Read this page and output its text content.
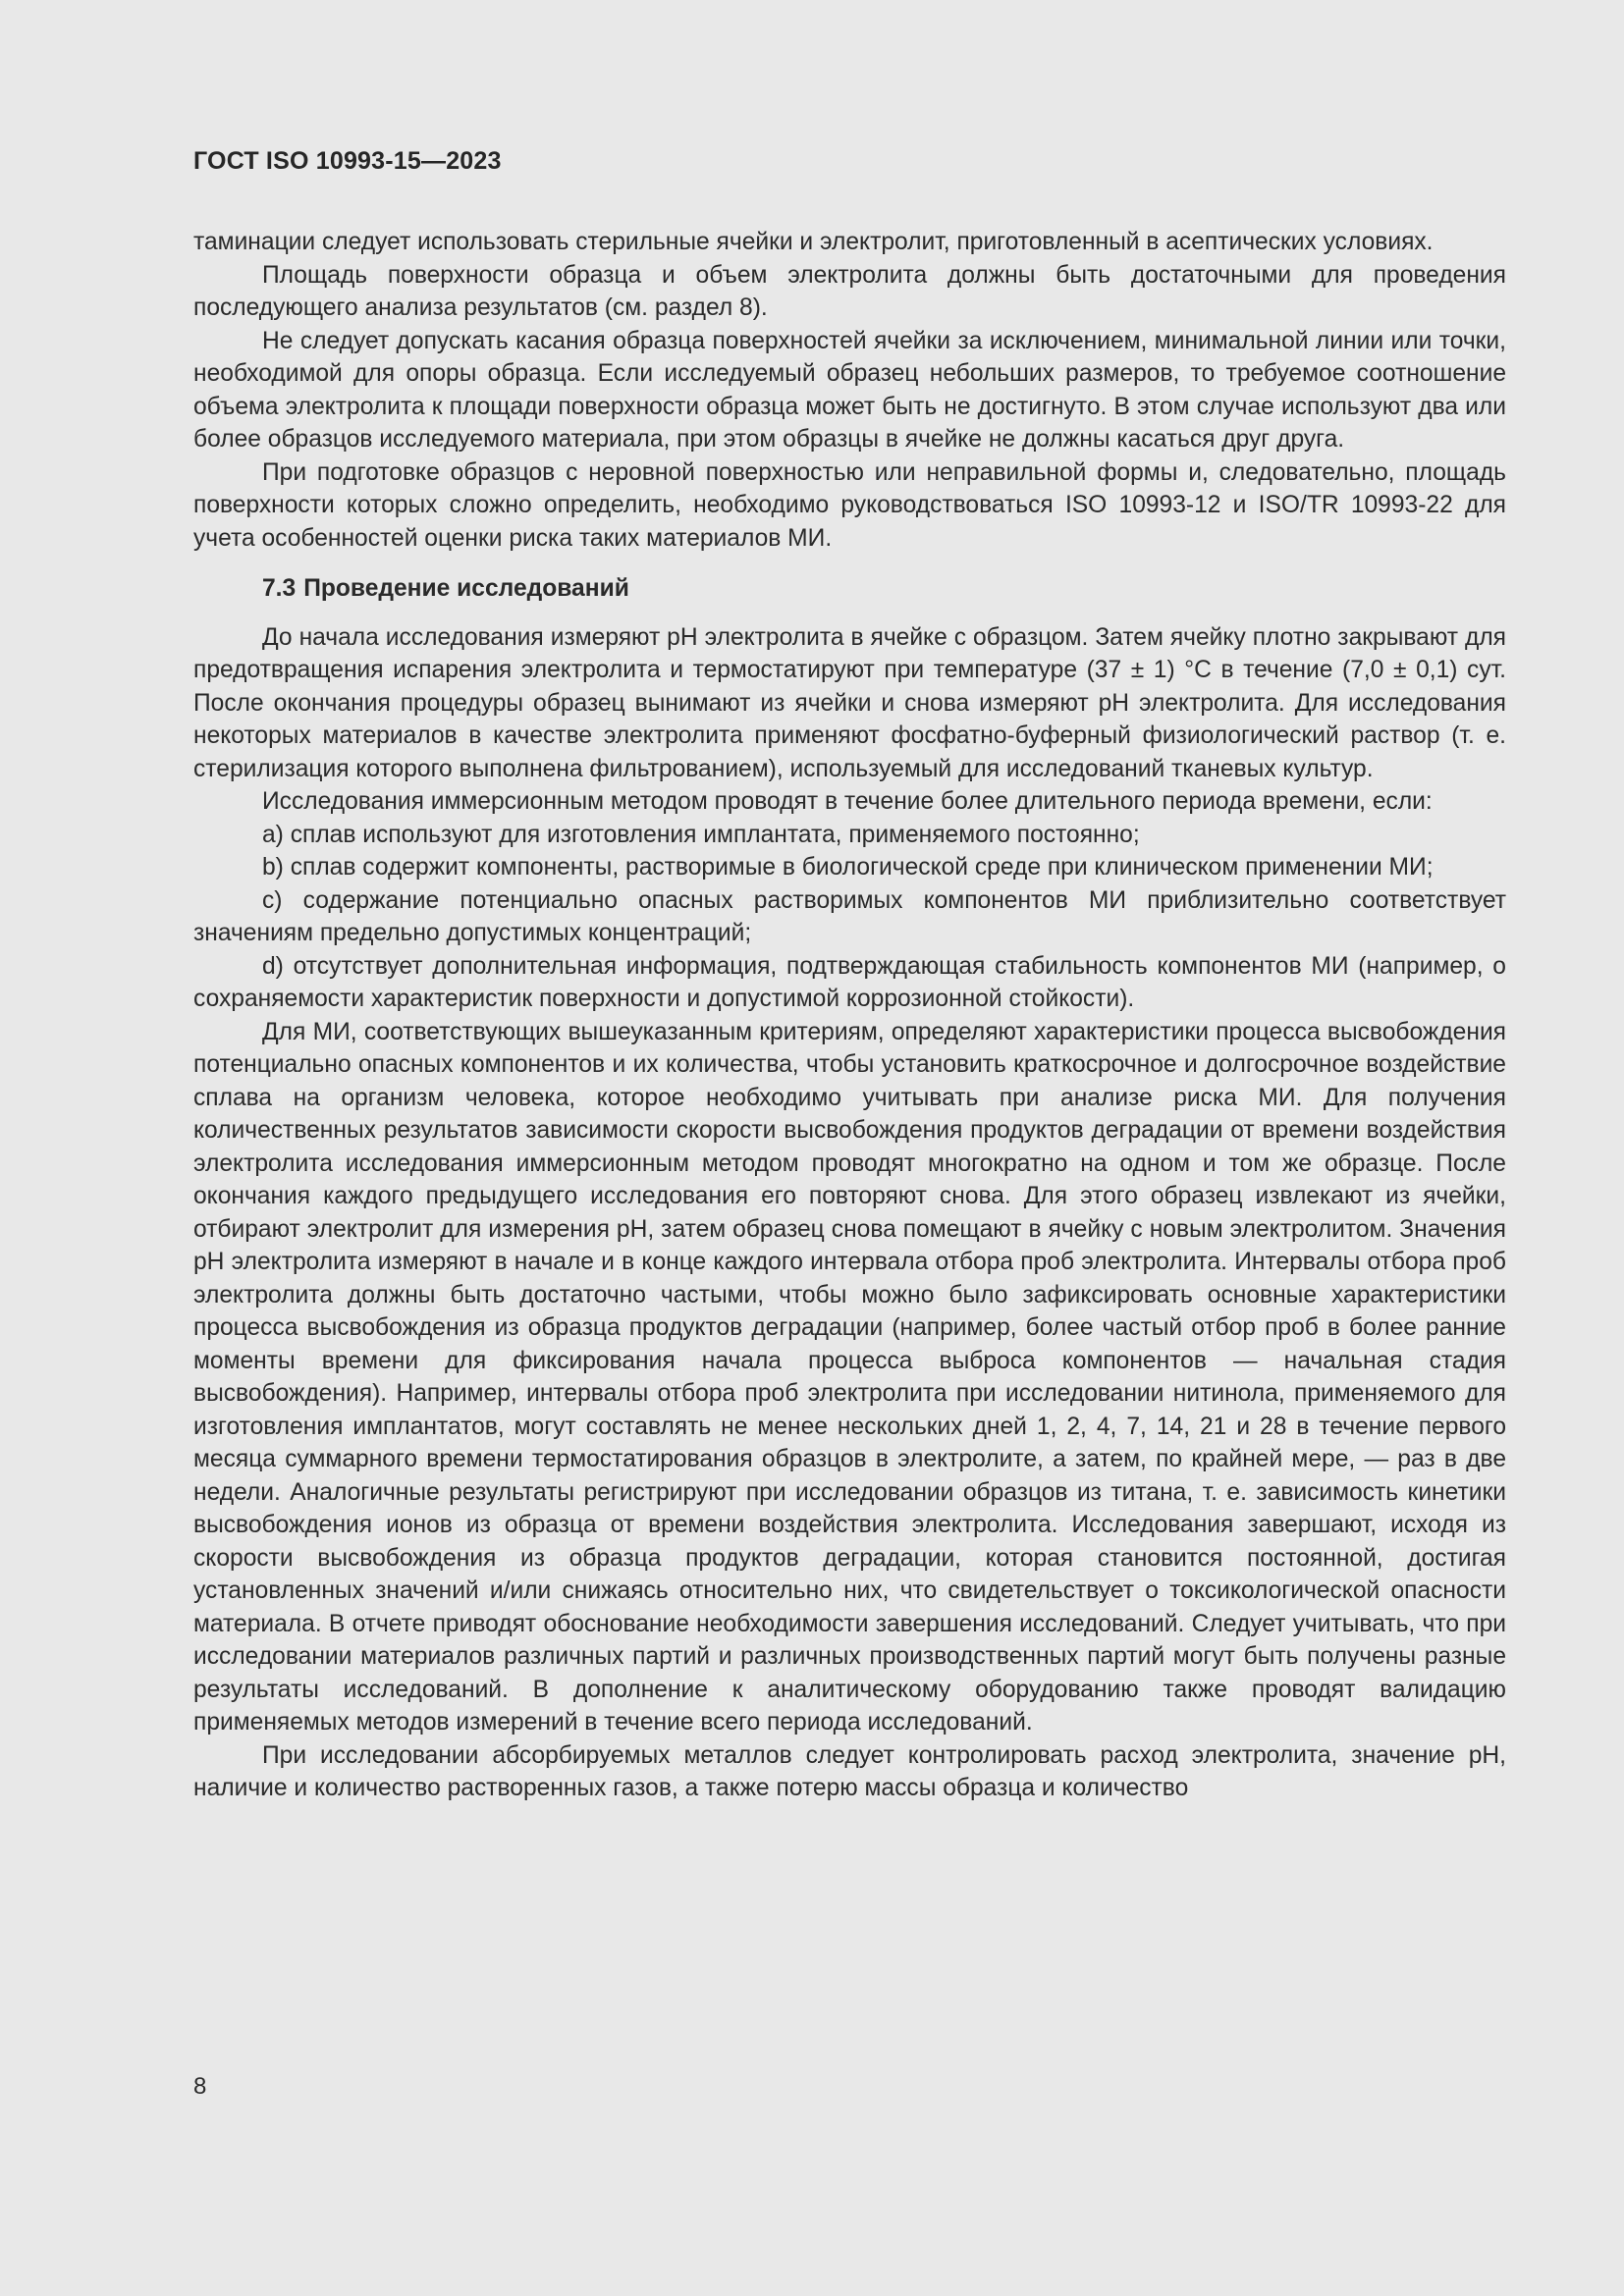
ГОСТ ISO 10993-15—2023

таминации следует использовать стерильные ячейки и электролит, приготовленный в асептических условиях.

Площадь поверхности образца и объем электролита должны быть достаточными для проведения последующего анализа результатов (см. раздел 8).

Не следует допускать касания образца поверхностей ячейки за исключением, минимальной линии или точки, необходимой для опоры образца. Если исследуемый образец небольших размеров, то требуемое соотношение объема электролита к площади поверхности образца может быть не достигнуто. В этом случае используют два или более образцов исследуемого материала, при этом образцы в ячейке не должны касаться друг друга.

При подготовке образцов с неровной поверхностью или неправильной формы и, следовательно, площадь поверхности которых сложно определить, необходимо руководствоваться ISO 10993-12 и ISO/TR 10993-22 для учета особенностей оценки риска таких материалов МИ.

7.3 Проведение исследований

До начала исследования измеряют рН электролита в ячейке с образцом. Затем ячейку плотно закрывают для предотвращения испарения электролита и термостатируют при температуре (37 ± 1) °С в течение (7,0 ± 0,1) сут. После окончания процедуры образец вынимают из ячейки и снова измеряют рН электролита. Для исследования некоторых материалов в качестве электролита применяют фосфатно-буферный физиологический раствор (т. е. стерилизация которого выполнена фильтрованием), используемый для исследований тканевых культур.

Исследования иммерсионным методом проводят в течение более длительного периода времени, если:

a) сплав используют для изготовления имплантата, применяемого постоянно;

b) сплав содержит компоненты, растворимые в биологической среде при клиническом применении МИ;

c) содержание потенциально опасных растворимых компонентов МИ приблизительно соответствует значениям предельно допустимых концентраций;

d) отсутствует дополнительная информация, подтверждающая стабильность компонентов МИ (например, о сохраняемости характеристик поверхности и допустимой коррозионной стойкости).

Для МИ, соответствующих вышеуказанным критериям, определяют характеристики процесса высвобождения потенциально опасных компонентов и их количества, чтобы установить краткосрочное и долгосрочное воздействие сплава на организм человека, которое необходимо учитывать при анализе риска МИ. Для получения количественных результатов зависимости скорости высвобождения продуктов деградации от времени воздействия электролита исследования иммерсионным методом проводят многократно на одном и том же образце. После окончания каждого предыдущего исследования его повторяют снова. Для этого образец извлекают из ячейки, отбирают электролит для измерения рН, затем образец снова помещают в ячейку с новым электролитом. Значения рН электролита измеряют в начале и в конце каждого интервала отбора проб электролита. Интервалы отбора проб электролита должны быть достаточно частыми, чтобы можно было зафиксировать основные характеристики процесса высвобождения из образца продуктов деградации (например, более частый отбор проб в более ранние моменты времени для фиксирования начала процесса выброса компонентов — начальная стадия высвобождения). Например, интервалы отбора проб электролита при исследовании нитинола, применяемого для изготовления имплантатов, могут составлять не менее нескольких дней 1, 2, 4, 7, 14, 21 и 28 в течение первого месяца суммарного времени термостатирования образцов в электролите, а затем, по крайней мере, — раз в две недели. Аналогичные результаты регистрируют при исследовании образцов из титана, т. е. зависимость кинетики высвобождения ионов из образца от времени воздействия электролита. Исследования завершают, исходя из скорости высвобождения из образца продуктов деградации, которая становится постоянной, достигая установленных значений и/или снижаясь относительно них, что свидетельствует о токсикологической опасности материала. В отчете приводят обоснование необходимости завершения исследований. Следует учитывать, что при исследовании материалов различных партий и различных производственных партий могут быть получены разные результаты исследований. В дополнение к аналитическому оборудованию также проводят валидацию применяемых методов измерений в течение всего периода исследований.

При исследовании абсорбируемых металлов следует контролировать расход электролита, значение рН, наличие и количество растворенных газов, а также потерю массы образца и количество

8
